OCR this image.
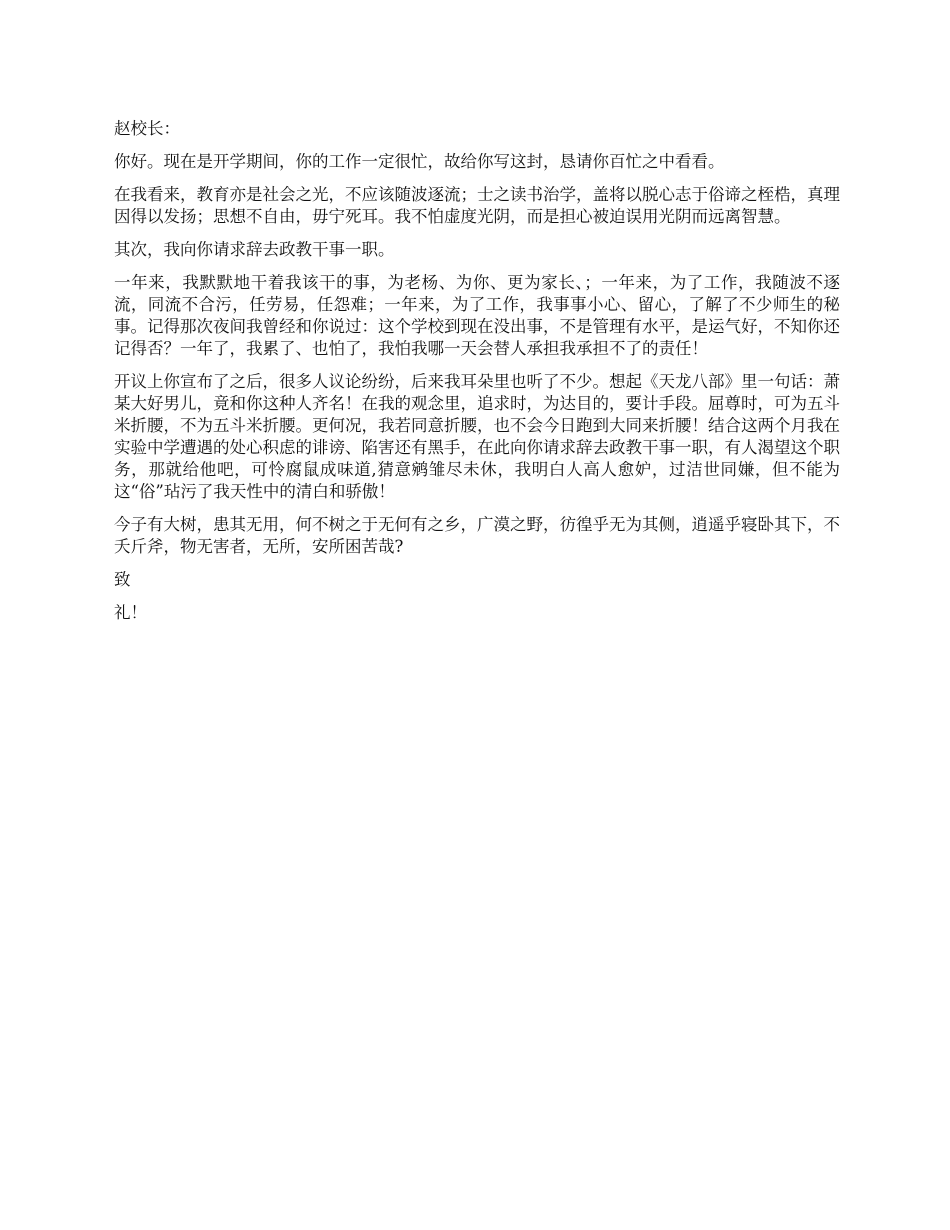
赵校长：

你好。现在是开学期间，你的工作一定很忙，故给你写这封，恳请你百忙之中看看。

在我看来，教育亦是社会之光，不应该随波逐流；士之读书治学，盖将以脱心志于俗谛之桎梏，真理因得以发扬；思想不自由，毋宁死耳。我不怕虚度光阴，而是担心被迫误用光阴而远离智慧。

其次，我向你请求辞去政教干事一职。

一年来，我默默地干着我该干的事，为老杨、为你、更为家长、；一年来，为了工作，我随波不逐流，同流不合污，任劳易，任怨难；一年来，为了工作，我事事小心、留心，了解了不少师生的秘事。记得那次夜间我曾经和你说过：这个学校到现在没出事，不是管理有水平，是运气好，不知你还记得否？一年了，我累了、也怕了，我怕我哪一天会替人承担我承担不了的责任！

开议上你宣布了之后，很多人议论纷纷，后来我耳朵里也听了不少。想起《天龙八部》里一句话：萧某大好男儿，竟和你这种人齐名！在我的观念里，追求时，为达目的，要计手段。屈尊时，可为五斗米折腰，不为五斗米折腰。更何况，我若同意折腰，也不会今日跑到大同来折腰！结合这两个月我在实验中学遭遇的处心积虑的诽谤、陷害还有黑手，在此向你请求辞去政教干事一职，有人渴望这个职务，那就给他吧，可怜腐鼠成味道,猜意鹓雏尽未休，我明白人高人愈妒，过洁世同嫌，但不能为这“俗”玷污了我天性中的清白和骄傲！

今子有大树，患其无用，何不树之于无何有之乡，广漠之野，彷徨乎无为其侧，逍遥乎寝卧其下，不夭斤斧，物无害者，无所，安所困苦哉?

致

礼！
